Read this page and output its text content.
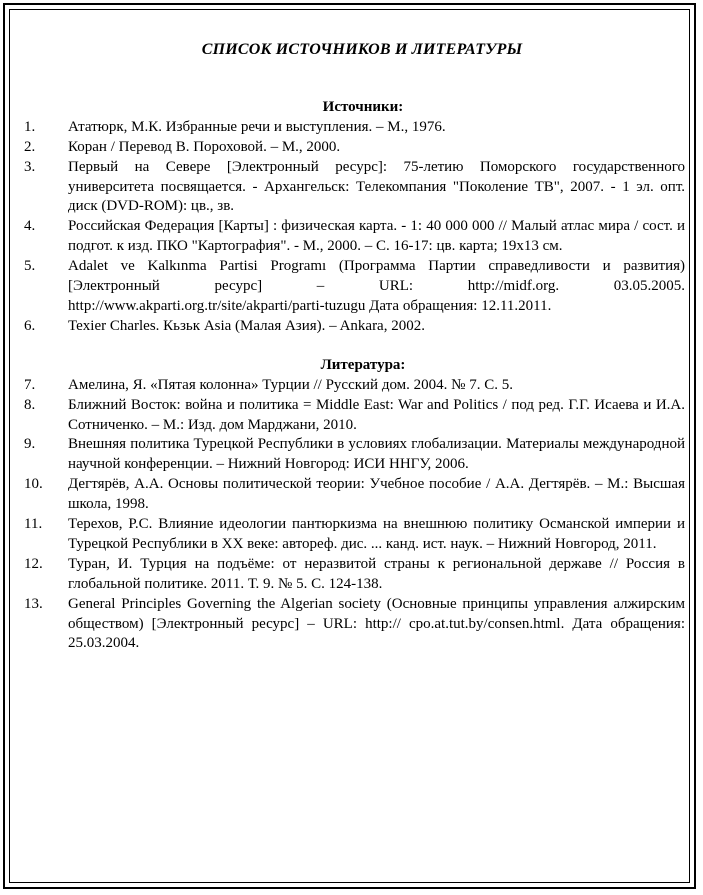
СПИСОК ИСТОЧНИКОВ И ЛИТЕРАТУРЫ
Источники:
1.	Ататюрк, М.К. Избранные речи и выступления. – М., 1976.
2.	Коран / Перевод В. Пороховой. – М., 2000.
3.	Первый на Севере [Электронный ресурс]: 75-летию Поморского государственного университета посвящается. - Архангельск: Телекомпания "Поколение ТВ", 2007. - 1 эл. опт. диск (DVD-ROM): цв., зв.
4.	Российская Федерация [Карты] : физическая карта. - 1: 40 000 000 // Малый атлас мира / сост. и подгот. к изд. ПКО "Картография". - М., 2000. – С. 16-17: цв. карта; 19х13 см.
5.	Adalet ve Kalkınma Partisi Programı (Программа Партии справедливости и развития) [Электронный ресурс] – URL: http://midf.org. 03.05.2005. http://www.akparti.org.tr/site/akparti/parti-tuzugu Дата обращения: 12.11.2011.
6.	Texier Charles. Кьзьк Asia (Малая Азия). – Ankara, 2002.
Литература:
7.	Амелина, Я. «Пятая колонна» Турции // Русский дом. 2004. № 7. С. 5.
8.	Ближний Восток: война и политика = Middle East: War and Politics / под ред. Г.Г. Исаева и И.А. Сотниченко. – М.: Изд. дом Марджани, 2010.
9.	Внешняя политика Турецкой Республики в условиях глобализации. Материалы международной научной конференции. – Нижний Новгород: ИСИ ННГУ, 2006.
10.	Дегтярёв, А.А. Основы политической теории: Учебное пособие / А.А. Дегтярёв. – М.: Высшая школа, 1998.
11.	Терехов, Р.С. Влияние идеологии пантюркизма на внешнюю политику Османской империи и Турецкой Республики в XX веке: автореф. дис. ... канд. ист. наук. – Нижний Новгород, 2011.
12.	Туран, И. Турция на подъёме: от неразвитой страны к региональной державе // Россия в глобальной политике. 2011. Т. 9. № 5. С. 124-138.
13.	General Principles Governing the Algerian society (Основные принципы управления алжирским обществом) [Электронный ресурс] – URL: http:// cpo.at.tut.by/consen.html. Дата обращения: 25.03.2004.
